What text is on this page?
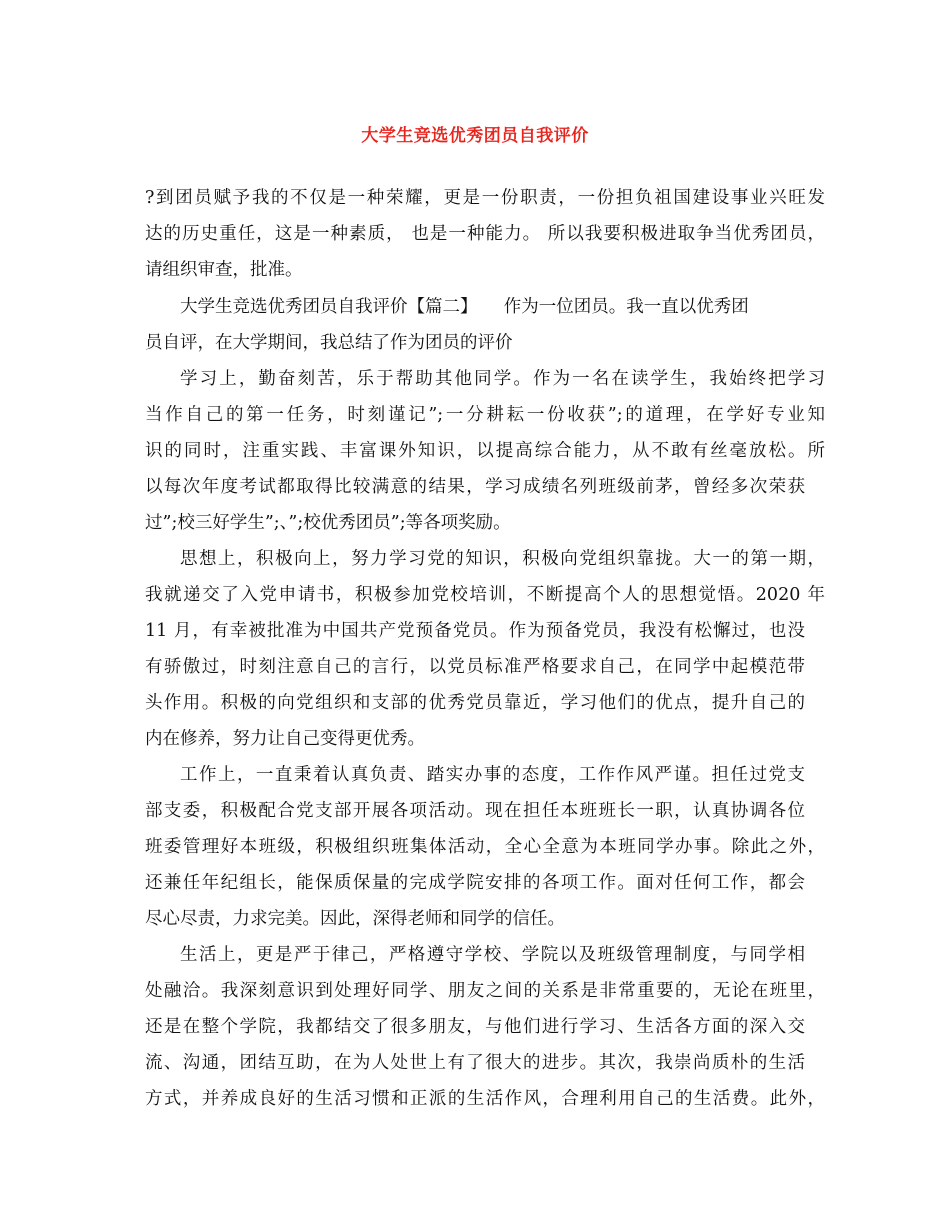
大学生竞选优秀团员自我评价
?到团员赋予我的不仅是一种荣耀，更是一份职责，一份担负祖国建设事业兴旺发
达的历史重任，这是一种素质， 也是一种能力。 所以我要积极进取争当优秀团员，
请组织审查，批准。
大学生竞选优秀团员自我评价【篇二】　　作为一位团员。我一直以优秀团
员自评，在大学期间，我总结了作为团员的评价
学习上，勤奋刻苦，乐于帮助其他同学。作为一名在读学生，我始终把学习
当作自己的第一任务，时刻谨记”;一分耕耘一份收获”;的道理，在学好专业知
识的同时，注重实践、丰富课外知识，以提高综合能力，从不敢有丝毫放松。所
以每次年度考试都取得比较满意的结果，学习成绩名列班级前茅，曾经多次荣获
过”;校三好学生”;、”;校优秀团员”;等各项奖励。
思想上，积极向上，努力学习党的知识，积极向党组织靠拢。大一的第一期，
我就递交了入党申请书，积极参加党校培训，不断提高个人的思想觉悟。2020 年
11 月，有幸被批准为中国共产党预备党员。作为预备党员，我没有松懈过，也没
有骄傲过，时刻注意自己的言行，以党员标准严格要求自己，在同学中起模范带
头作用。积极的向党组织和支部的优秀党员靠近，学习他们的优点，提升自己的
内在修养，努力让自己变得更优秀。
工作上，一直秉着认真负责、踏实办事的态度，工作作风严谨。担任过党支
部支委，积极配合党支部开展各项活动。现在担任本班班长一职，认真协调各位
班委管理好本班级，积极组织班集体活动，全心全意为本班同学办事。除此之外，
还兼任年纪组长，能保质保量的完成学院安排的各项工作。面对任何工作，都会
尽心尽责，力求完美。因此，深得老师和同学的信任。
生活上，更是严于律己，严格遵守学校、学院以及班级管理制度，与同学相
处融洽。我深刻意识到处理好同学、朋友之间的关系是非常重要的，无论在班里，
还是在整个学院，我都结交了很多朋友，与他们进行学习、生活各方面的深入交
流、沟通，团结互助，在为人处世上有了很大的进步。其次，我崇尚质朴的生活
方式，并养成良好的生活习惯和正派的生活作风，合理利用自己的生活费。此外，
